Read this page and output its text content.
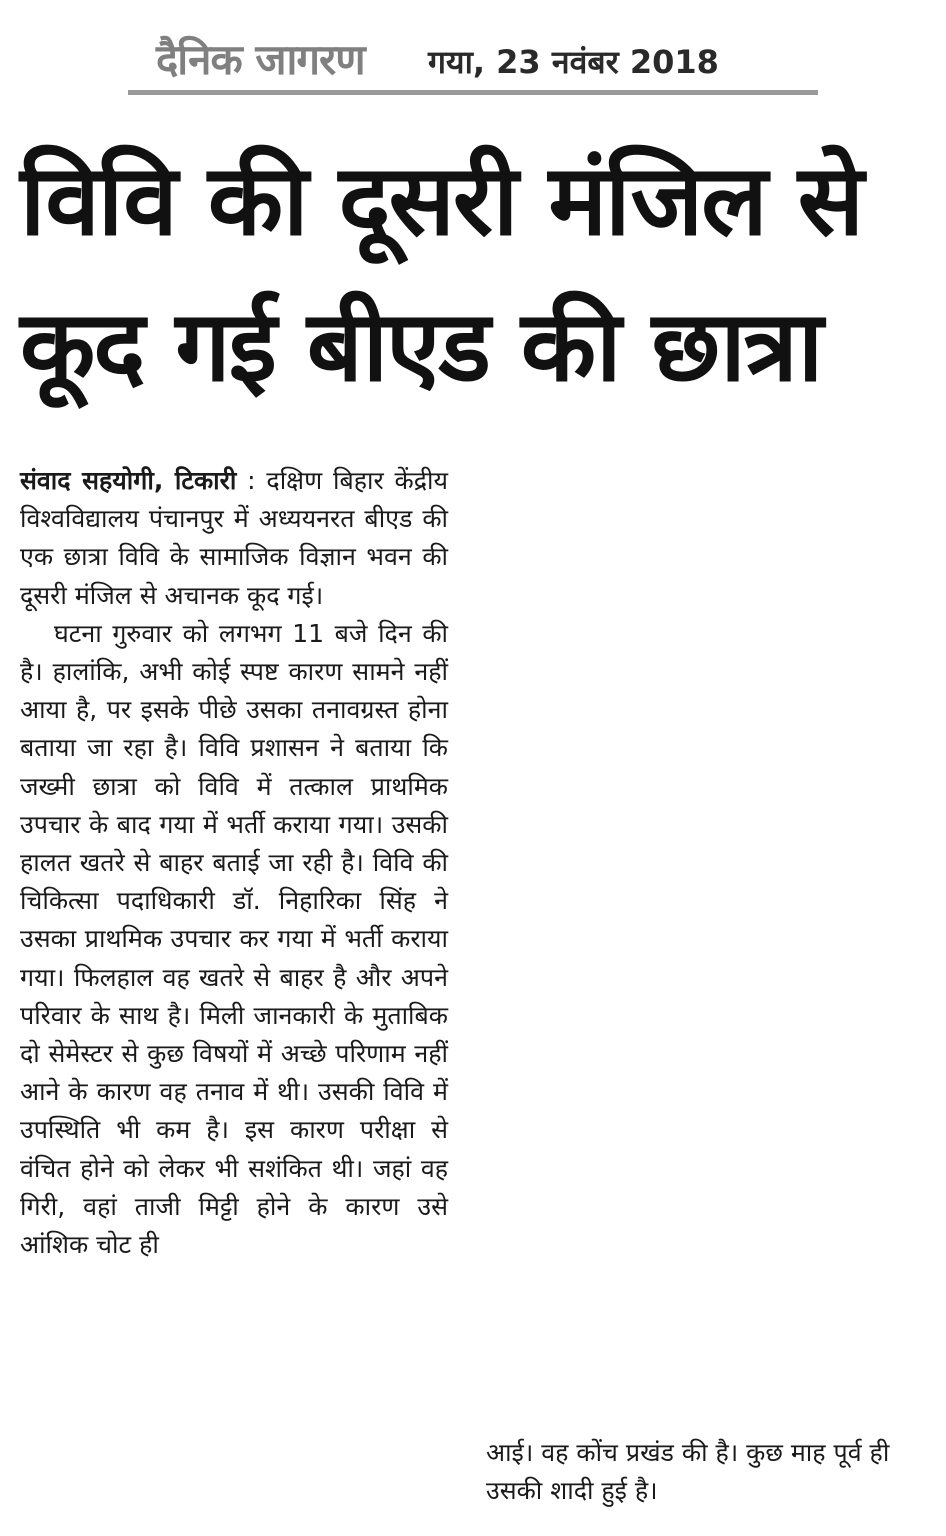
दैनिक जागरण गया, 23 नवंबर 2018
विवि की दूसरी मंजिल से
कूद गई बीएड की छात्रा

संवाद सहयोगी, टिकारी : दक्षिण बिहार केंद्रीय विश्वविद्यालय पंचानपुर में अध्ययनरत बीएड की एक छात्रा विवि के सामाजिक विज्ञान भवन की दूसरी मंजिल से अचानक कूद गई।

घटना गुरुवार को लगभग 11 बजे दिन की है। हालांकि, अभी कोई स्पष्ट कारण सामने नहीं आया है, पर इसके पीछे उसका तनावग्रस्त होना बताया जा रहा है। विवि प्रशासन ने बताया कि जख्मी छात्रा को विवि में तत्काल प्राथमिक उपचार के बाद गया में भर्ती कराया गया। उसकी हालत खतरे से बाहर बताई जा रही है। विवि की चिकित्सा पदाधिकारी डॉ. निहारिका सिंह ने उसका प्राथमिक उपचार कर गया में भर्ती कराया गया। फिलहाल वह खतरे से बाहर है और अपने परिवार के साथ है। मिली जानकारी के मुताबिक दो सेमेस्टर से कुछ विषयों में अच्छे परिणाम नहीं आने के कारण वह तनाव में थी। उसकी विवि में उपस्थिति भी कम है। इस कारण परीक्षा से वंचित होने को लेकर भी सशंकित थी। जहां वह गिरी, वहां ताजी मिट्टी होने के कारण उसे आंशिक चोट ही

आई। वह कोंच प्रखंड की है। कुछ माह पूर्व ही उसकी शादी हुई है।
